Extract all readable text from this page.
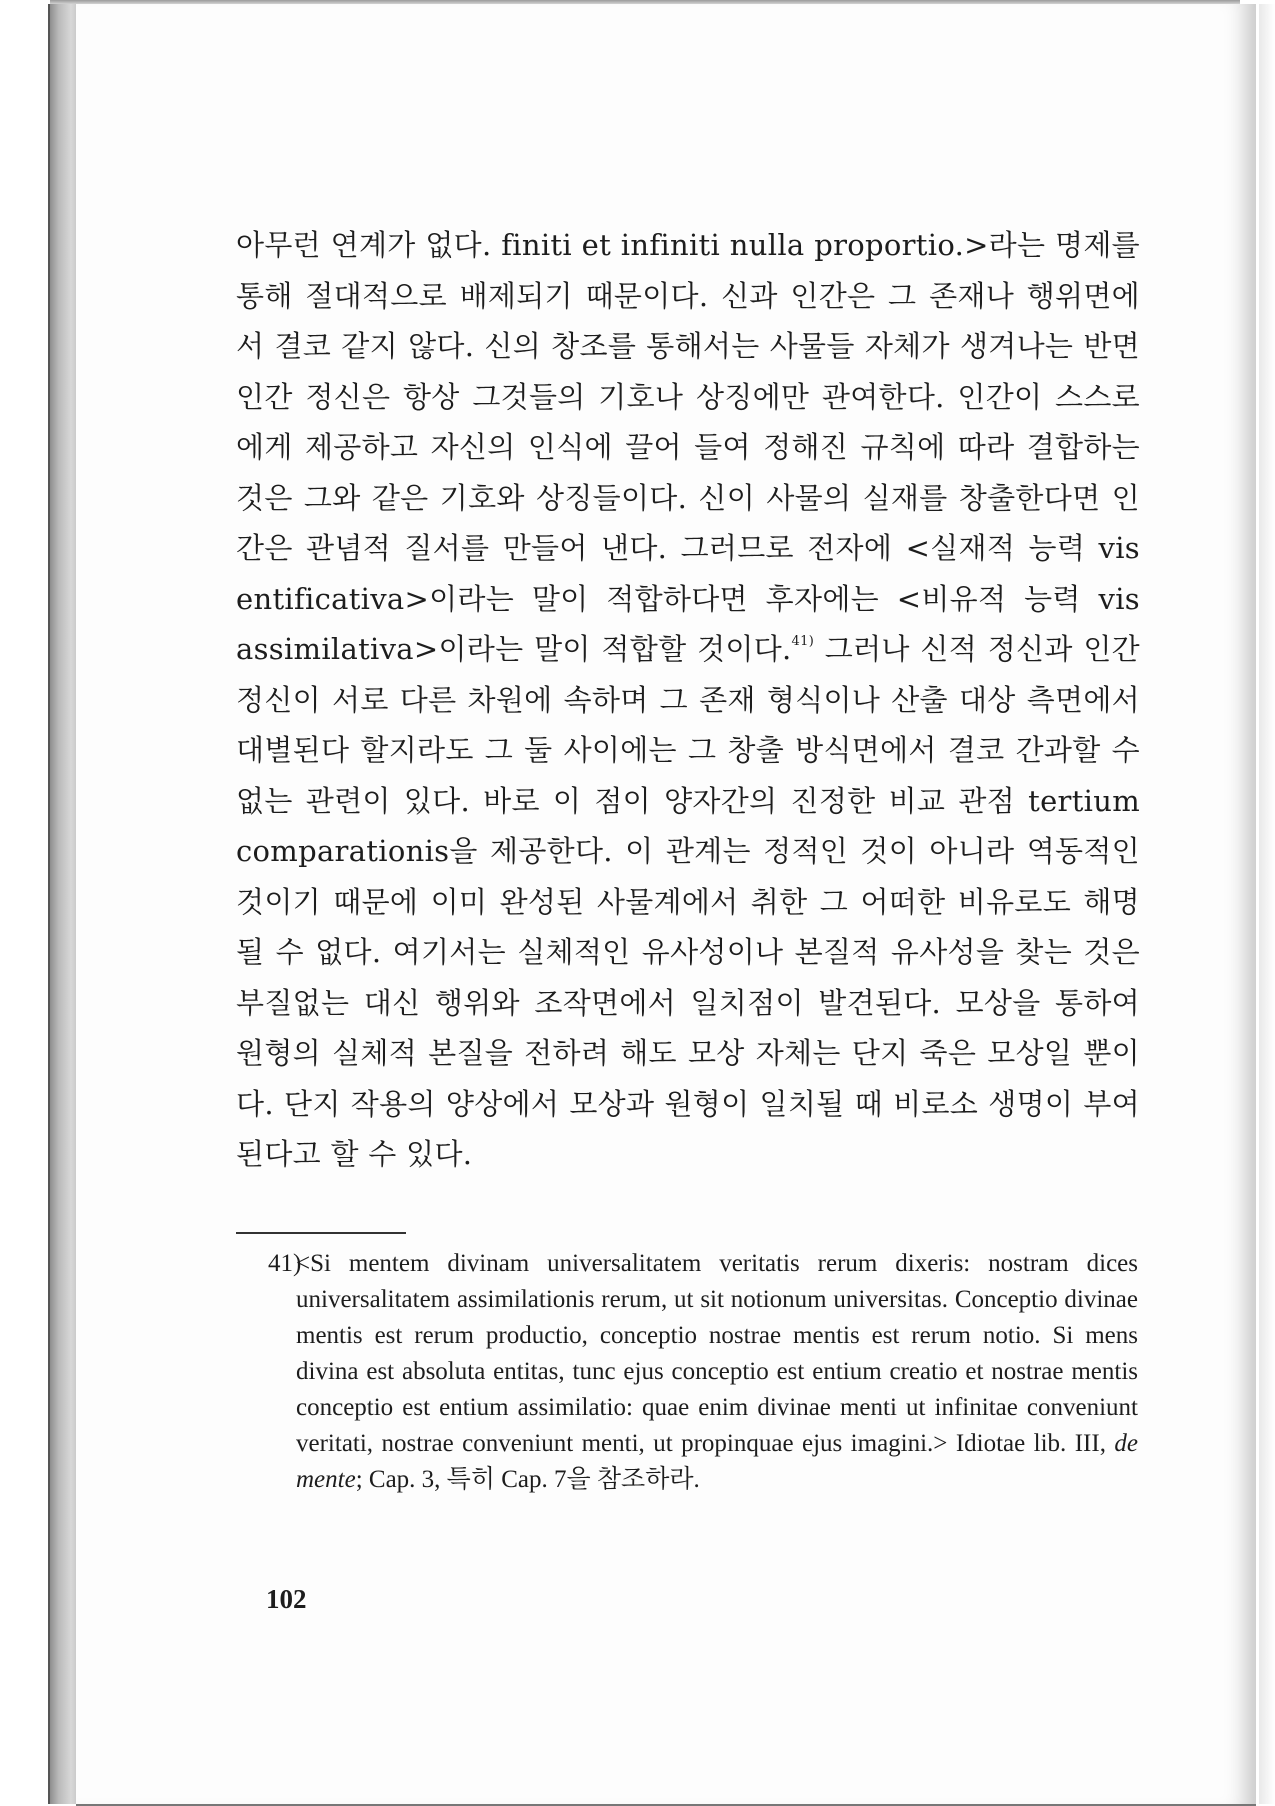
아무런 연계가 없다. finiti et infiniti nulla proportio.>라는 명제를 통해 절대적으로 배제되기 때문이다. 신과 인간은 그 존재나 행위면에서 결코 같지 않다. 신의 창조를 통해서는 사물들 자체가 생겨나는 반면 인간 정신은 항상 그것들의 기호나 상징에만 관여한다. 인간이 스스로에게 제공하고 자신의 인식에 끌어 들여 정해진 규칙에 따라 결합하는 것은 그와 같은 기호와 상징들이다. 신이 사물의 실재를 창출한다면 인간은 관념적 질서를 만들어 낸다. 그러므로 전자에 <실재적 능력 vis entificativa>이라는 말이 적합하다면 후자에는 <비유적 능력 vis assimilativa>이라는 말이 적합할 것이다.$^{41)}$ 그러나 신적 정신과 인간 정신이 서로 다른 차원에 속하며 그 존재 형식이나 산출 대상 측면에서 대별된다 할지라도 그 둘 사이에는 그 창출 방식면에서 결코 간과할 수 없는 관련이 있다. 바로 이 점이 양자간의 진정한 비교 관점 tertium comparationis을 제공한다. 이 관계는 정적인 것이 아니라 역동적인 것이기 때문에 이미 완성된 사물계에서 취한 그 어떠한 비유로도 해명될 수 없다. 여기서는 실체적인 유사성이나 본질적 유사성을 찾는 것은 부질없는 대신 행위와 조작면에서 일치점이 발견된다. 모상을 통하여 원형의 실체적 본질을 전하려 해도 모상 자체는 단지 죽은 모상일 뿐이다. 단지 작용의 양상에서 모상과 원형이 일치될 때 비로소 생명이 부여된다고 할 수 있다.
41)
<Si mentem divinam universalitatem veritatis rerum dixeris: nostram dices universalitatem assimilationis rerum, ut sit notionum universitas. Conceptio divinae mentis est rerum productio, conceptio nostrae mentis est rerum notio. Si mens divina est absoluta entitas, tunc ejus conceptio est entium creatio et nostrae mentis conceptio est entium assimilatio: quae enim divinae menti ut infinitae conveniunt veritati, nostrae conveniunt menti, ut propinquae ejus imagini.> Idiotae lib. III, de mente; Cap. 3, 특히 Cap. 7을 참조하라.
102
